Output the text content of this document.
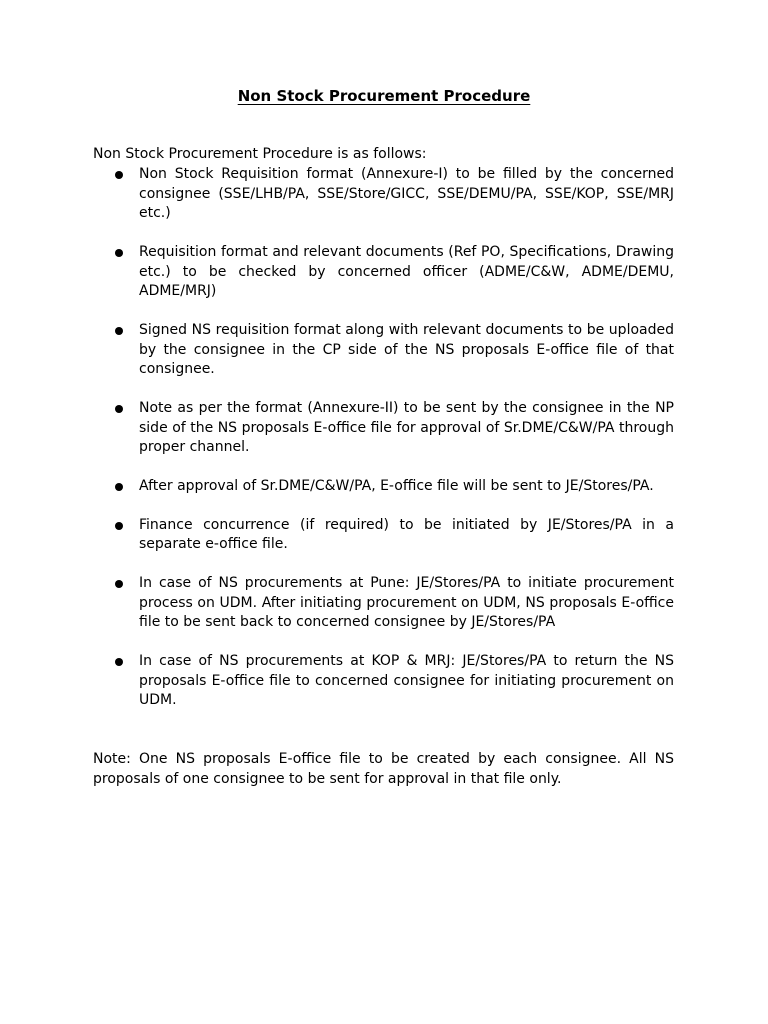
Non Stock Procurement Procedure

Non Stock Procurement Procedure is as follows:

Non Stock Requisition format (Annexure-I) to be filled by the concerned consignee (SSE/LHB/PA, SSE/Store/GICC, SSE/DEMU/PA, SSE/KOP, SSE/MRJ etc.)
Requisition format and relevant documents (Ref PO, Specifications, Drawing etc.) to be checked by concerned officer (ADME/C&W, ADME/DEMU, ADME/MRJ)
Signed NS requisition format along with relevant documents to be uploaded by the consignee in the CP side of the NS proposals E-office file of that consignee.
Note as per the format (Annexure-II) to be sent by the consignee in the NP side of the NS proposals E-office file for approval of Sr.DME/C&W/PA through proper channel.
After approval of Sr.DME/C&W/PA, E-office file will be sent to JE/Stores/PA.
Finance concurrence (if required) to be initiated by JE/Stores/PA in a separate e-office file.
In case of NS procurements at Pune: JE/Stores/PA to initiate procurement process on UDM. After initiating procurement on UDM, NS proposals E-office file to be sent back to concerned consignee by JE/Stores/PA
In case of NS procurements at KOP & MRJ: JE/Stores/PA to return the NS proposals E-office file to concerned consignee for initiating procurement on UDM.

Note: One NS proposals E-office file to be created by each consignee. All NS proposals of one consignee to be sent for approval in that file only.
